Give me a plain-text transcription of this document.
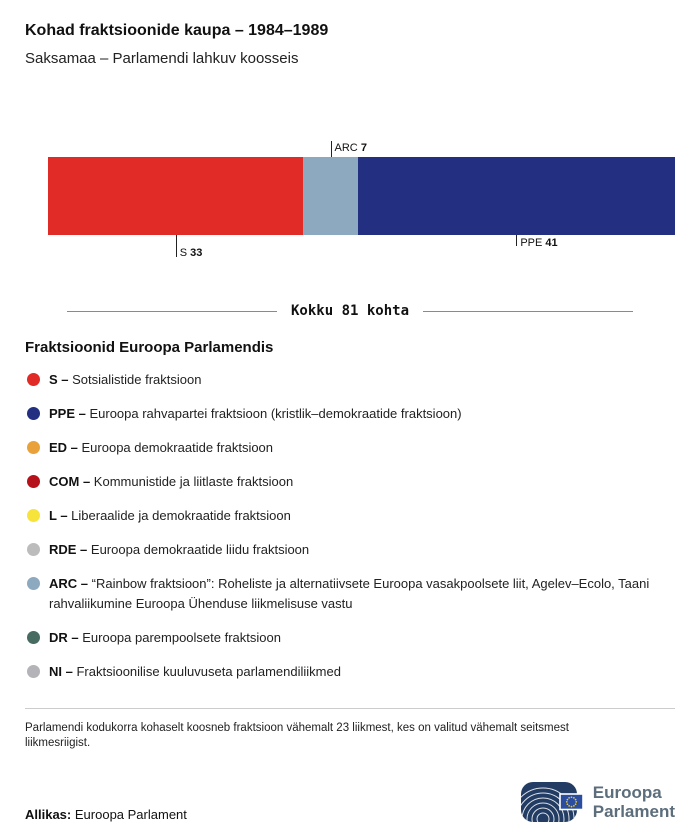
Kohad fraktsioonide kaupa – 1984–1989
Saksamaa – Parlamendi lahkuv koosseis
S 33
ARC 7
PPE 41
Kokku 81 kohta
Fraktsioonid Euroopa Parlamendis
S – Sotsialistide fraktsioon
PPE – Euroopa rahvapartei fraktsioon (kristlik–demokraatide fraktsioon)
ED – Euroopa demokraatide fraktsioon
COM – Kommunistide ja liitlaste fraktsioon
L – Liberaalide ja demokraatide fraktsioon
RDE – Euroopa demokraatide liidu fraktsioon
ARC – “Rainbow fraktsioon”: Roheliste ja alternatiivsete Euroopa vasakpoolsete liit, Agelev–Ecolo, Taani rahvaliikumine Euroopa Ühenduse liikmelisuse vastu
DR – Euroopa parempoolsete fraktsioon
NI – Fraktsioonilise kuuluvuseta parlamendiliikmed

Parlamendi kodukorra kohaselt koosneb fraktsioon vähemalt 23 liikmest, kes on valitud vähemalt seitsmest liikmesriigist.

Allikas: Euroopa Parlament

Euroopa
Parlament
